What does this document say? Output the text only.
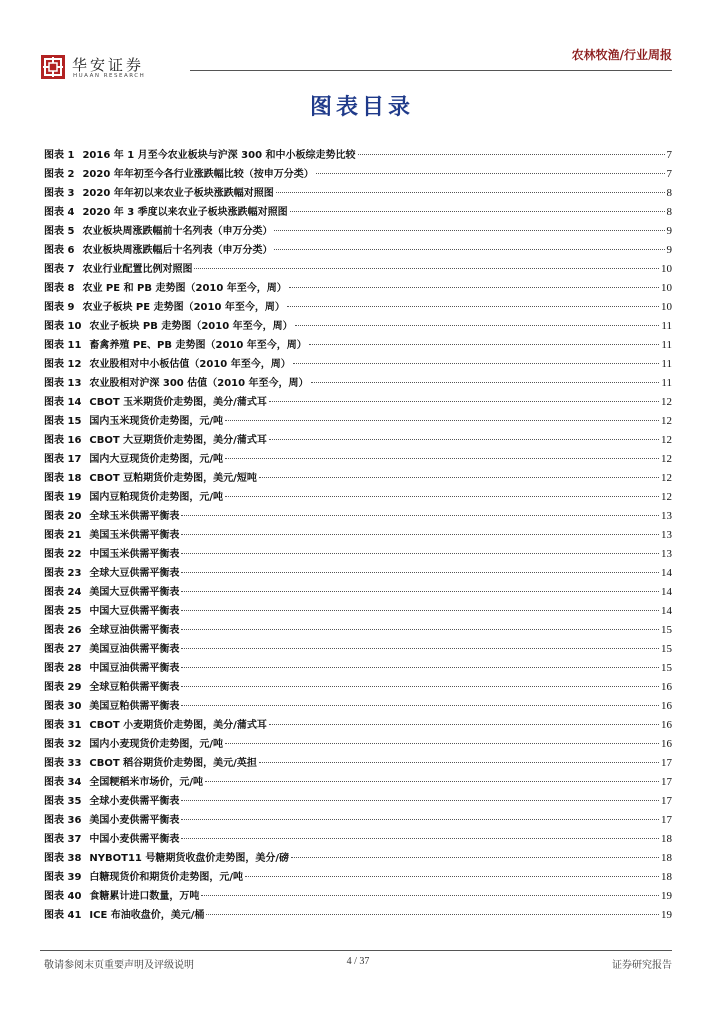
华安证券
HUAAN RESEARCH
农林牧渔/行业周报
图表目录
图表 1 2016 年 1 月至今农业板块与沪深 300 和中小板综走势比较	7
图表 2 2020 年年初至今各行业涨跌幅比较（按申万分类）	7
图表 3 2020 年年初以来农业子板块涨跌幅对照图	8
图表 4 2020 年 3 季度以来农业子板块涨跌幅对照图	8
图表 5 农业板块周涨跌幅前十名列表（申万分类）	9
图表 6 农业板块周涨跌幅后十名列表（申万分类）	9
图表 7 农业行业配置比例对照图	10
图表 8 农业 PE 和 PB 走势图（2010 年至今，周）	10
图表 9 农业子板块 PE 走势图（2010 年至今，周）	10
图表 10 农业子板块 PB 走势图（2010 年至今，周）	11
图表 11 畜禽养殖 PE、PB 走势图（2010 年至今，周）	11
图表 12 农业股相对中小板估值（2010 年至今，周）	11
图表 13 农业股相对沪深 300 估值（2010 年至今，周）	11
图表 14 CBOT 玉米期货价走势图，美分/蒲式耳	12
图表 15 国内玉米现货价走势图，元/吨	12
图表 16 CBOT 大豆期货价走势图，美分/蒲式耳	12
图表 17 国内大豆现货价走势图，元/吨	12
图表 18 CBOT 豆粕期货价走势图，美元/短吨	12
图表 19 国内豆粕现货价走势图，元/吨	12
图表 20 全球玉米供需平衡表	13
图表 21 美国玉米供需平衡表	13
图表 22 中国玉米供需平衡表	13
图表 23 全球大豆供需平衡表	14
图表 24 美国大豆供需平衡表	14
图表 25 中国大豆供需平衡表	14
图表 26 全球豆油供需平衡表	15
图表 27 美国豆油供需平衡表	15
图表 28 中国豆油供需平衡表	15
图表 29 全球豆粕供需平衡表	16
图表 30 美国豆粕供需平衡表	16
图表 31 CBOT 小麦期货价走势图，美分/蒲式耳	16
图表 32 国内小麦现货价走势图，元/吨	16
图表 33 CBOT 稻谷期货价走势图，美元/英担	17
图表 34 全国粳稻米市场价，元/吨	17
图表 35 全球小麦供需平衡表	17
图表 36 美国小麦供需平衡表	17
图表 37 中国小麦供需平衡表	18
图表 38 NYBOT11 号糖期货收盘价走势图，美分/磅	18
图表 39 白糖现货价和期货价走势图，元/吨	18
图表 40 食糖累计进口数量，万吨	19
图表 41 ICE 布油收盘价，美元/桶	19
敬请参阅末页重要声明及评级说明	4 / 37	证券研究报告
